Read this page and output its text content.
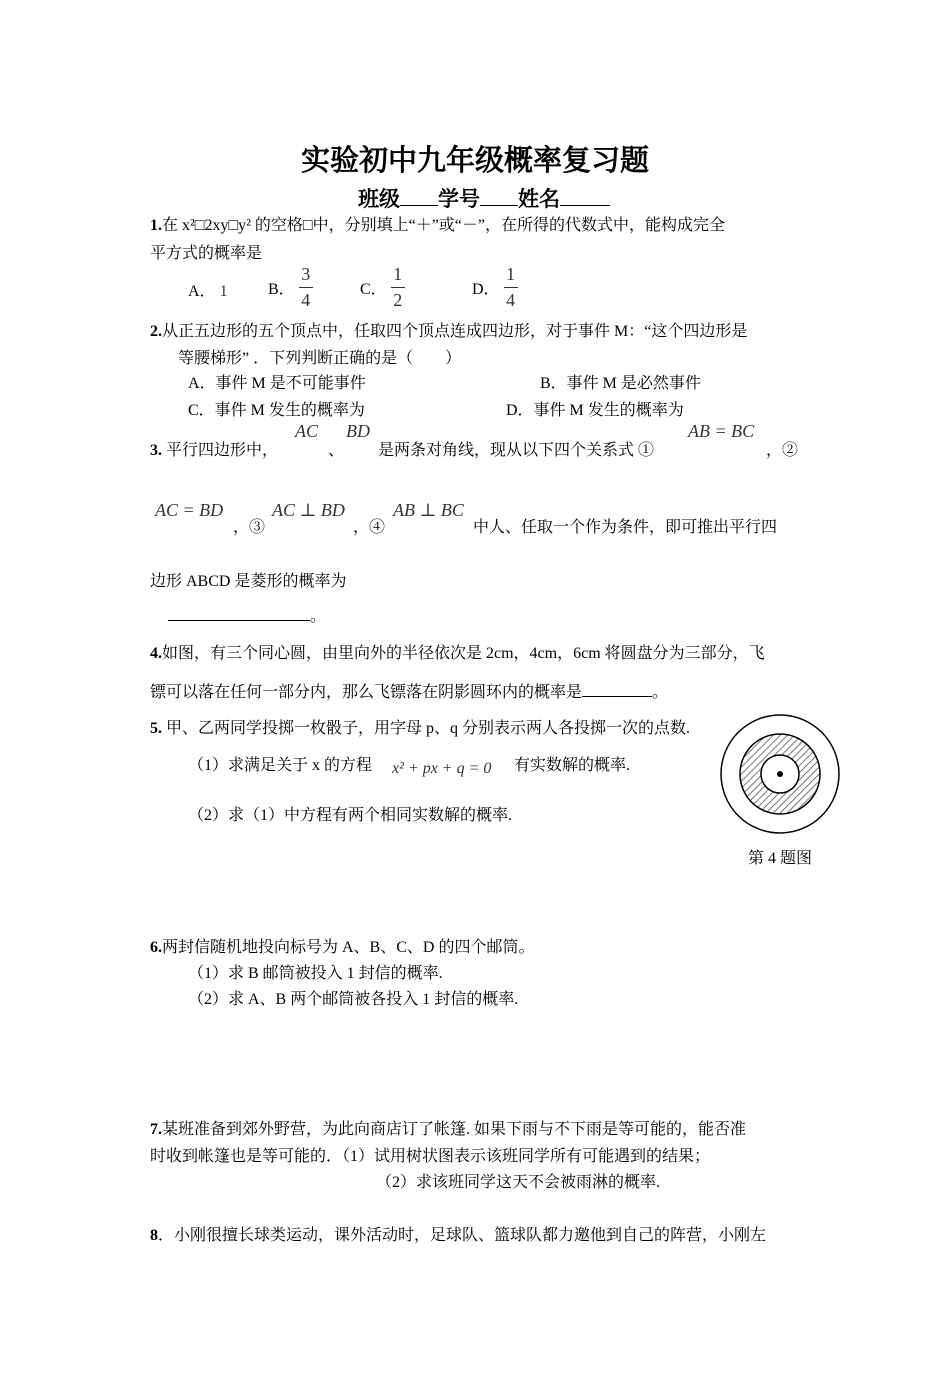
实验初中九年级概率复习题
班级 学号 姓名
1.在 x²□2xy□y² 的空格□中，分别填上“＋”或“－”，在所得的代数式中，能构成完全
平方式的概率是
A． 1	B． $\frac{3}{4}$	C． $\frac{1}{2}$	D． $\frac{1}{4}$
2.从正五边形的五个顶点中，任取四个顶点连成四边形，对于事件 M：“这个四边形是
等腰梯形” ．下列判断正确的是（　　）
A．事件 M 是不可能事件	B．事件 M 是必然事件
C．事件 M 发生的概率为	D．事件 M 发生的概率为
3. 平行四边形中，
AC
、
BD
是两条对角线，现从以下四个关系式 ①
AB = BC
，②
AC = BD
，③
AC ⊥ BD
，④
AB ⊥ BC
中人、任取一个作为条件，即可推出平行四
边形 ABCD 是菱形的概率为
。
4.如图，有三个同心圆，由里向外的半径依次是 2cm，4cm，6cm 将圆盘分为三部分，飞
镖可以落在任何一部分内，那么飞镖落在阴影圆环内的概率是	。
第 4 题图
5. 甲、乙两同学投掷一枚骰子，用字母 p、q 分别表示两人各投掷一次的点数.
（1）求满足关于 x 的方程 x² + px + q = 0 有实数解的概率.
（2）求（1）中方程有两个相同实数解的概率.
6.两封信随机地投向标号为 A、B、C、D 的四个邮筒。
（1）求 B 邮筒被投入 1 封信的概率.
（2）求 A、B 两个邮筒被各投入 1 封信的概率.
7.某班准备到郊外野营，为此向商店订了帐篷. 如果下雨与不下雨是等可能的，能否准
时收到帐篷也是等可能的．（1）试用树状图表示该班同学所有可能遇到的结果；
（2）求该班同学这天不会被雨淋的概率.
8．小刚很擅长球类运动，课外活动时，足球队、篮球队都力邀他到自己的阵营，小刚左
